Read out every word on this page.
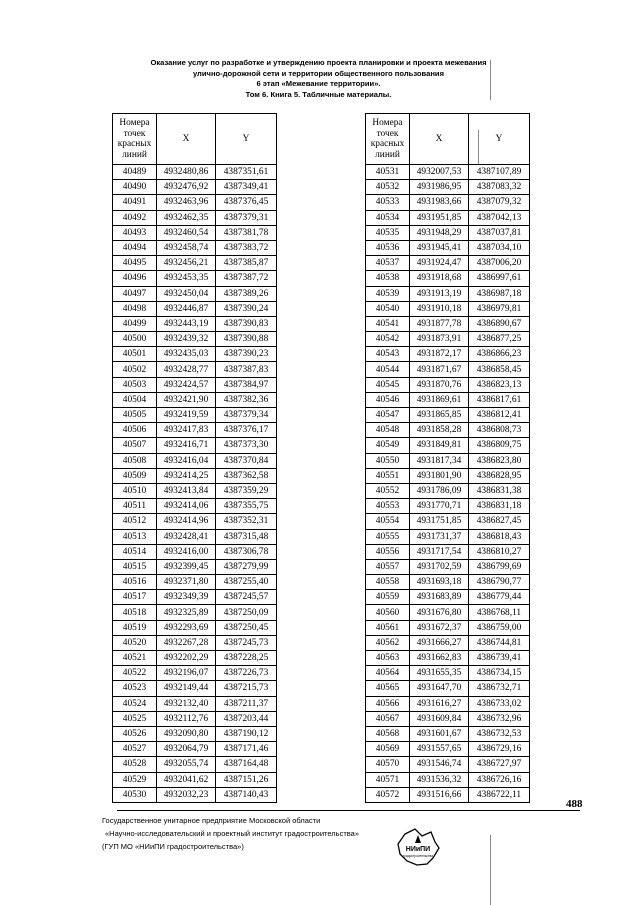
Оказание услуг по разработке и утверждению проекта планировки и проекта межевания
улично-дорожной сети и территории общественного пользования
6 этап «Межевание территории».
Том 6. Книга 5. Табличные материалы.
Номера
точек
красных
линий	X	Y
40489	4932480,86	4387351,61
40490	4932476,92	4387349,41
40491	4932463,96	4387376,45
40492	4932462,35	4387379,31
40493	4932460,54	4387381,78
40494	4932458,74	4387383,72
40495	4932456,21	4387385,87
40496	4932453,35	4387387,72
40497	4932450,04	4387389,26
40498	4932446,87	4387390,24
40499	4932443,19	4387390,83
40500	4932439,32	4387390,88
40501	4932435,03	4387390,23
40502	4932428,77	4387387,83
40503	4932424,57	4387384,97
40504	4932421,90	4387382,36
40505	4932419,59	4387379,34
40506	4932417,83	4387376,17
40507	4932416,71	4387373,30
40508	4932416,04	4387370,84
40509	4932414,25	4387362,58
40510	4932413,84	4387359,29
40511	4932414,06	4387355,75
40512	4932414,96	4387352,31
40513	4932428,41	4387315,48
40514	4932416,00	4387306,78
40515	4932399,45	4387279,99
40516	4932371,80	4387255,40
40517	4932349,39	4387245,57
40518	4932325,89	4387250,09
40519	4932293,69	4387250,45
40520	4932267,28	4387245,73
40521	4932202,29	4387228,25
40522	4932196,07	4387226,73
40523	4932149,44	4387215,73
40524	4932132,40	4387211,37
40525	4932112,76	4387203,44
40526	4932090,80	4387190,12
40527	4932064,79	4387171,46
40528	4932055,74	4387164,48
40529	4932041,62	4387151,26
40530	4932032,23	4387140,43
Номера
точек
красных
линий	X	Y
40531	4932007,53	4387107,89
40532	4931986,95	4387083,32
40533	4931983,66	4387079,32
40534	4931951,85	4387042,13
40535	4931948,29	4387037,81
40536	4931945,41	4387034,10
40537	4931924,47	4387006,20
40538	4931918,68	4386997,61
40539	4931913,19	4386987,18
40540	4931910,18	4386979,81
40541	4931877,78	4386890,67
40542	4931873,91	4386877,25
40543	4931872,17	4386866,23
40544	4931871,67	4386858,45
40545	4931870,76	4386823,13
40546	4931869,61	4386817,61
40547	4931865,85	4386812,41
40548	4931858,28	4386808,73
40549	4931849,81	4386809,75
40550	4931817,34	4386823,80
40551	4931801,90	4386828,95
40552	4931786,09	4386831,38
40553	4931770,71	4386831,18
40554	4931751,85	4386827,45
40555	4931731,37	4386818,43
40556	4931717,54	4386810,27
40557	4931702,59	4386799,69
40558	4931693,18	4386790,77
40559	4931683,89	4386779,44
40560	4931676,80	4386768,11
40561	4931672,37	4386759,00
40562	4931666,27	4386744,81
40563	4931662,83	4386739,41
40564	4931655,35	4386734,15
40565	4931647,70	4386732,71
40566	4931616,27	4386733,02
40567	4931609,84	4386732,96
40568	4931601,67	4386732,53
40569	4931557,65	4386729,16
40570	4931546,74	4386727,97
40571	4931536,32	4386726,16
40572	4931516,66	4386722,11
488
Государственное унитарное предприятие Московской области
«Научно-исследовательский и проектный институт градостроительства»
(ГУП МО «НИиПИ градостроительства»)	НИиПИ
градостроительства
